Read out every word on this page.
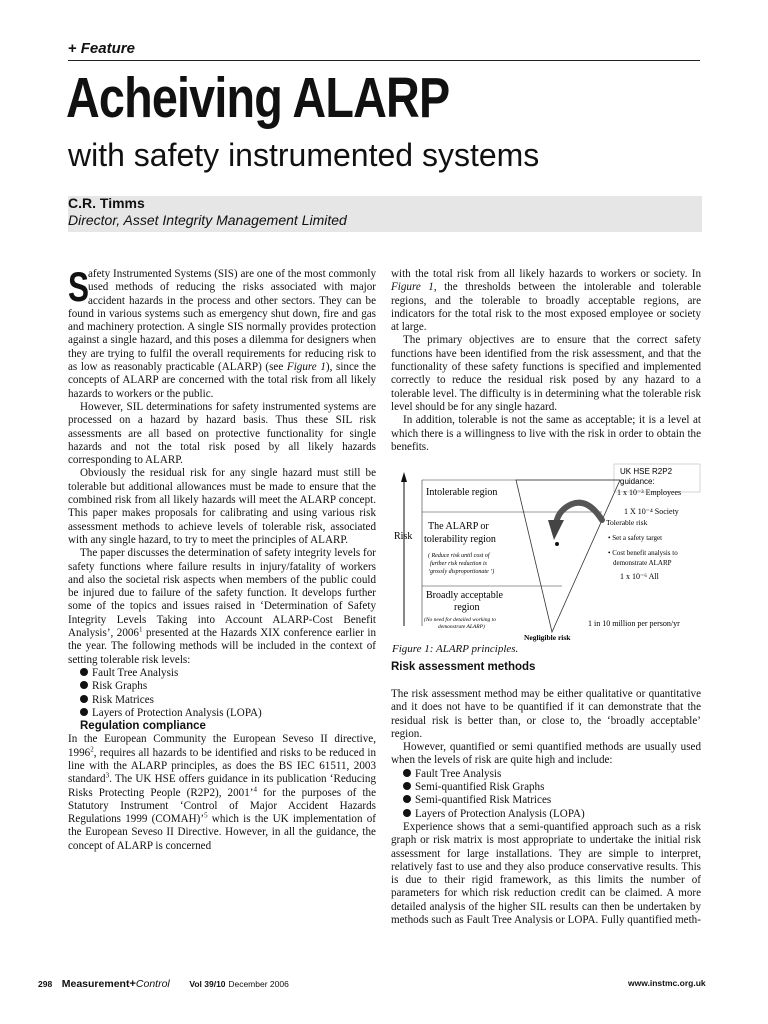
+ Feature
Acheiving ALARP
with safety instrumented systems
C.R. Timms
Director, Asset Integrity Management Limited

S
afety Instrumented Systems (SIS) are one of the most commonly used methods of reducing the risks associated with major accident hazards in the process and other sectors. They can be found in various systems such as emergency shut down, fire and gas and machinery protection. A single SIS normally provides protection against a single hazard, and this poses a dilemma for designers when they are trying to fulfil the overall requirements for reducing risk to as low as reasonably practicable (ALARP) (see Figure 1), since the concepts of ALARP are concerned with the total risk from all likely hazards to workers or the public.

However, SIL determinations for safety instrumented systems are processed on a hazard by hazard basis. Thus these SIL risk assessments are all based on protective functionality for single hazards and not the total risk posed by all likely hazards corresponding to ALARP.

Obviously the residual risk for any single hazard must still be tolerable but additional allowances must be made to ensure that the combined risk from all likely hazards will meet the ALARP concept. This paper makes proposals for calibrating and using various risk assessment methods to achieve levels of tolerable risk, associated with any single hazard, to try to meet the principles of ALARP.

The paper discusses the determination of safety integrity levels for safety functions where failure results in injury/fatality of workers and also the societal risk aspects when members of the public could be injured due to failure of the safety function. It develops further some of the topics and issues raised in ‘Determination of Safety Integrity Levels Taking into Account ALARP-Cost Benefit Analysis’, 2006$^1$ presented at the Hazards XIX conference earlier in the year. The following methods will be included in the context of setting tolerable risk levels:

Fault Tree Analysis

Risk Graphs

Risk Matrices

Layers of Protection Analysis (LOPA)

Regulation compliance

In the European Community the European Seveso II directive, 1996$^2$, requires all hazards to be identified and risks to be reduced in line with the ALARP principles, as does the BS IEC 61511, 2003 standard$^3$. The UK HSE offers guidance in its publication ‘Reducing Risks Protecting People (R2P2), 2001’$^4$ for the purposes of the Statutory Instrument ‘Control of Major Accident Hazards Regulations 1999 (COMAH)’$^5$ which is the UK implementation of the European Seveso II Directive. However, in all the guidance, the concept of ALARP is concerned

with the total risk from all likely hazards to workers or society. In Figure 1, the thresholds between the intolerable and tolerable regions, and the tolerable to broadly acceptable regions, are indicators for the total risk to the most exposed employee or society at large.

The primary objectives are to ensure that the correct safety functions have been identified from the risk assessment, and that the functionality of these safety functions is specified and implemented correctly to reduce the residual risk posed by any hazard to a tolerable level. The difficulty is in determining what the tolerable risk level should be for any single hazard.

In addition, tolerable is not the same as acceptable; it is a level at which there is a willingness to live with the risk in order to obtain the benefits.

UK HSE R2P2
guidance:
Risk
Intolerable region
The ALARP or
tolerability region
( Reduce risk until cost of
further risk reduction is
‘grossly disproportionate ’)
Broadly acceptable
region
(No need for detailed working to
demonstrate ALARP)
1 x 10⁻³ Employees
1 X 10⁻⁴ Society
Tolerable risk
• Set a safety target
• Cost benefit analysis to
demonstrate ALARP
1 x 10⁻⁶ All
1 in 10 million per person/yr
Negligible risk
Figure 1: ALARP principles.
Risk assessment methods

The risk assessment method may be either qualitative or quantitative and it does not have to be quantified if it can demonstrate that the residual risk is better than, or close to, the ‘broadly acceptable’ region.

However, quantified or semi quantified methods are usually used when the levels of risk are quite high and include:

Fault Tree Analysis

Semi-quantified Risk Graphs

Semi-quantified Risk Matrices

Layers of Protection Analysis (LOPA)

Experience shows that a semi-quantified approach such as a risk graph or risk matrix is most appropriate to undertake the initial risk assessment for large installations. They are simple to interpret, relatively fast to use and they also produce conservative results. This is due to their rigid framework, as this limits the number of parameters for which risk reduction credit can be claimed. A more detailed analysis of the higher SIL results can then be undertaken by methods such as Fault Tree Analysis or LOPA. Fully quantified meth-

298 Measurement+Control Vol 39/10 December 2006	www.instmc.org.uk
